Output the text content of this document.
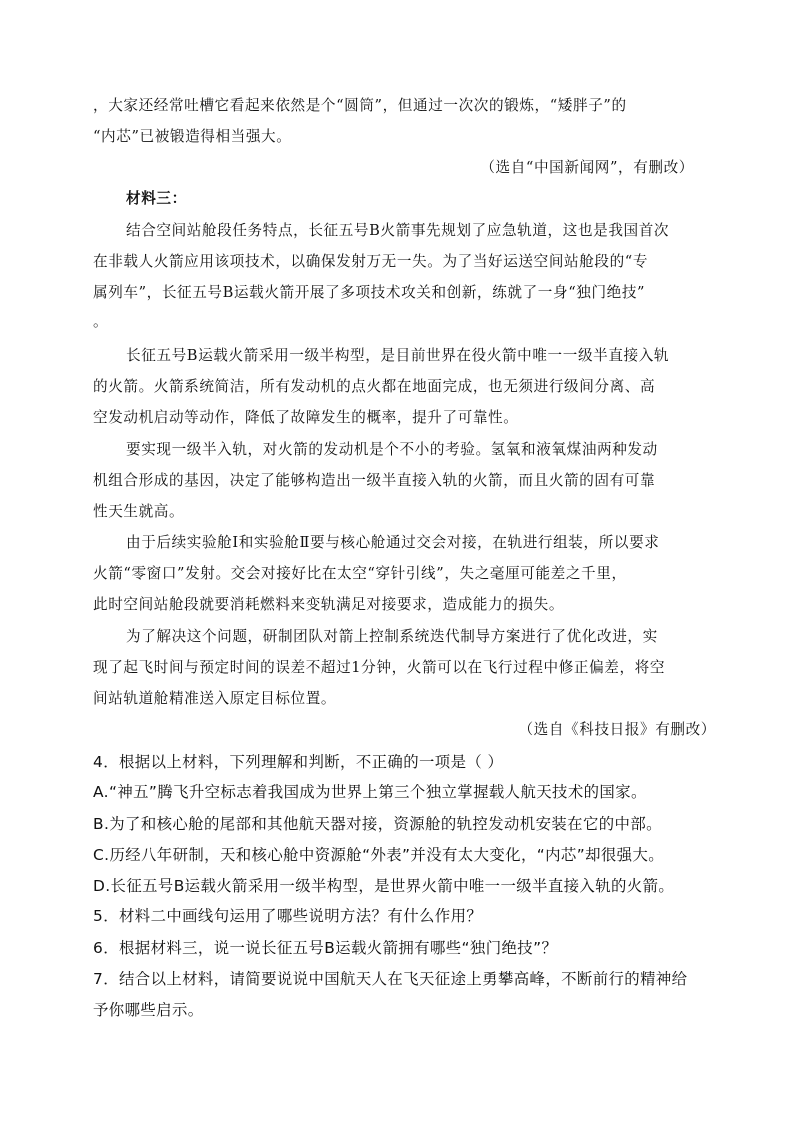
，大家还经常吐槽它看起来依然是个“圆筒”，但通过一次次的锻炼，“矮胖子”的
“内芯”已被锻造得相当强大。
（选自“中国新闻网”，有删改）
材料三：
结合空间站舱段任务特点，长征五号B火箭事先规划了应急轨道，这也是我国首次
在非载人火箭应用该项技术，以确保发射万无一失。为了当好运送空间站舱段的“专
属列车”，长征五号B运载火箭开展了多项技术攻关和创新，练就了一身“独门绝技”
。
长征五号B运载火箭采用一级半构型，是目前世界在役火箭中唯一一级半直接入轨
的火箭。火箭系统简洁，所有发动机的点火都在地面完成，也无须进行级间分离、高
空发动机启动等动作，降低了故障发生的概率，提升了可靠性。
要实现一级半入轨，对火箭的发动机是个不小的考验。氢氧和液氧煤油两种发动
机组合形成的基因，决定了能够构造出一级半直接入轨的火箭，而且火箭的固有可靠
性天生就高。
由于后续实验舱Ⅰ和实验舱Ⅱ要与核心舱通过交会对接，在轨进行组装，所以要求
火箭“零窗口”发射。交会对接好比在太空“穿针引线”，失之毫厘可能差之千里，
此时空间站舱段就要消耗燃料来变轨满足对接要求，造成能力的损失。
为了解决这个问题，研制团队对箭上控制系统迭代制导方案进行了优化改进，实
现了起飞时间与预定时间的误差不超过1分钟，火箭可以在飞行过程中修正偏差，将空
间站轨道舱精准送入原定目标位置。
（选自《科技日报》有删改）
4．根据以上材料，下列理解和判断，不正确的一项是（ ）
A.“神五”腾飞升空标志着我国成为世界上第三个独立掌握载人航天技术的国家。
B.为了和核心舱的尾部和其他航天器对接，资源舱的轨控发动机安装在它的中部。
C.历经八年研制，天和核心舱中资源舱“外表”并没有太大变化，“内芯”却很强大。
D.长征五号B运载火箭采用一级半构型，是世界火箭中唯一一级半直接入轨的火箭。
5．材料二中画线句运用了哪些说明方法？有什么作用？
6．根据材料三，说一说长征五号B运载火箭拥有哪些“独门绝技”？
7．结合以上材料，请简要说说中国航天人在飞天征途上勇攀高峰，不断前行的精神给
予你哪些启示。
